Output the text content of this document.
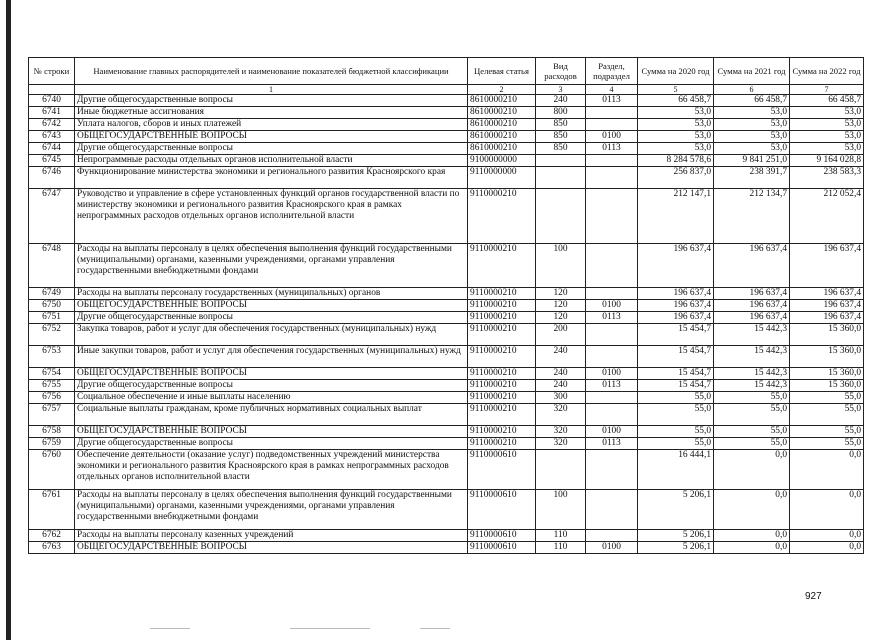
№ строки	Наименование главных распорядителей и наименование показателей бюджетной классификации	Целевая статья	Вид расходов	Раздел, подраздел	Сумма на 2020 год	Сумма на 2021 год	Сумма на 2022 год
	1	2	3	4	5	6	7
6740	Другие общегосударственные вопросы	8610000210	240	0113	66 458,7	66 458,7	66 458,7
6741	Иные бюджетные ассигнования	8610000210	800		53,0	53,0	53,0
6742	Уплата налогов, сборов и иных платежей	8610000210	850		53,0	53,0	53,0
6743	ОБЩЕГОСУДАРСТВЕННЫЕ ВОПРОСЫ	8610000210	850	0100	53,0	53,0	53,0
6744	Другие общегосударственные вопросы	8610000210	850	0113	53,0	53,0	53,0
6745	Непрограммные расходы отдельных органов исполнительной власти	9100000000			8 284 578,6	9 841 251,0	9 164 028,8
6746	Функционирование министерства экономики и регионального развития Красноярского края	9110000000			256 837,0	238 391,7	238 583,3
6747	Руководство и управление в сфере установленных функций органов государственной власти по министерству экономики и регионального развития Красноярского края в рамках непрограммных расходов отдельных органов исполнительной власти	9110000210			212 147,1	212 134,7	212 052,4
6748	Расходы на выплаты персоналу в целях обеспечения выполнения функций государственными (муниципальными) органами, казенными учреждениями, органами управления государственными внебюджетными фондами	9110000210	100		196 637,4	196 637,4	196 637,4
6749	Расходы на выплаты персоналу государственных (муниципальных) органов	9110000210	120		196 637,4	196 637,4	196 637,4
6750	ОБЩЕГОСУДАРСТВЕННЫЕ ВОПРОСЫ	9110000210	120	0100	196 637,4	196 637,4	196 637,4
6751	Другие общегосударственные вопросы	9110000210	120	0113	196 637,4	196 637,4	196 637,4
6752	Закупка товаров, работ и услуг для обеспечения государственных (муниципальных) нужд	9110000210	200		15 454,7	15 442,3	15 360,0
6753	Иные закупки товаров, работ и услуг для обеспечения государственных (муниципальных) нужд	9110000210	240		15 454,7	15 442,3	15 360,0
6754	ОБЩЕГОСУДАРСТВЕННЫЕ ВОПРОСЫ	9110000210	240	0100	15 454,7	15 442,3	15 360,0
6755	Другие общегосударственные вопросы	9110000210	240	0113	15 454,7	15 442,3	15 360,0
6756	Социальное обеспечение и иные выплаты населению	9110000210	300		55,0	55,0	55,0
6757	Социальные выплаты гражданам, кроме публичных нормативных социальных выплат	9110000210	320		55,0	55,0	55,0
6758	ОБЩЕГОСУДАРСТВЕННЫЕ ВОПРОСЫ	9110000210	320	0100	55,0	55,0	55,0
6759	Другие общегосударственные вопросы	9110000210	320	0113	55,0	55,0	55,0
6760	Обеспечение деятельности (оказание услуг) подведомственных учреждений министерства экономики и регионального развития Красноярского края в рамках непрограммных расходов отдельных органов исполнительной власти	9110000610			16 444,1	0,0	0,0
6761	Расходы на выплаты персоналу в целях обеспечения выполнения функций государственными (муниципальными) органами, казенными учреждениями, органами управления государственными внебюджетными фондами	9110000610	100		5 206,1	0,0	0,0
6762	Расходы на выплаты персоналу казенных учреждений	9110000610	110		5 206,1	0,0	0,0
6763	ОБЩЕГОСУДАРСТВЕННЫЕ ВОПРОСЫ	9110000610	110	0100	5 206,1	0,0	0,0
927
